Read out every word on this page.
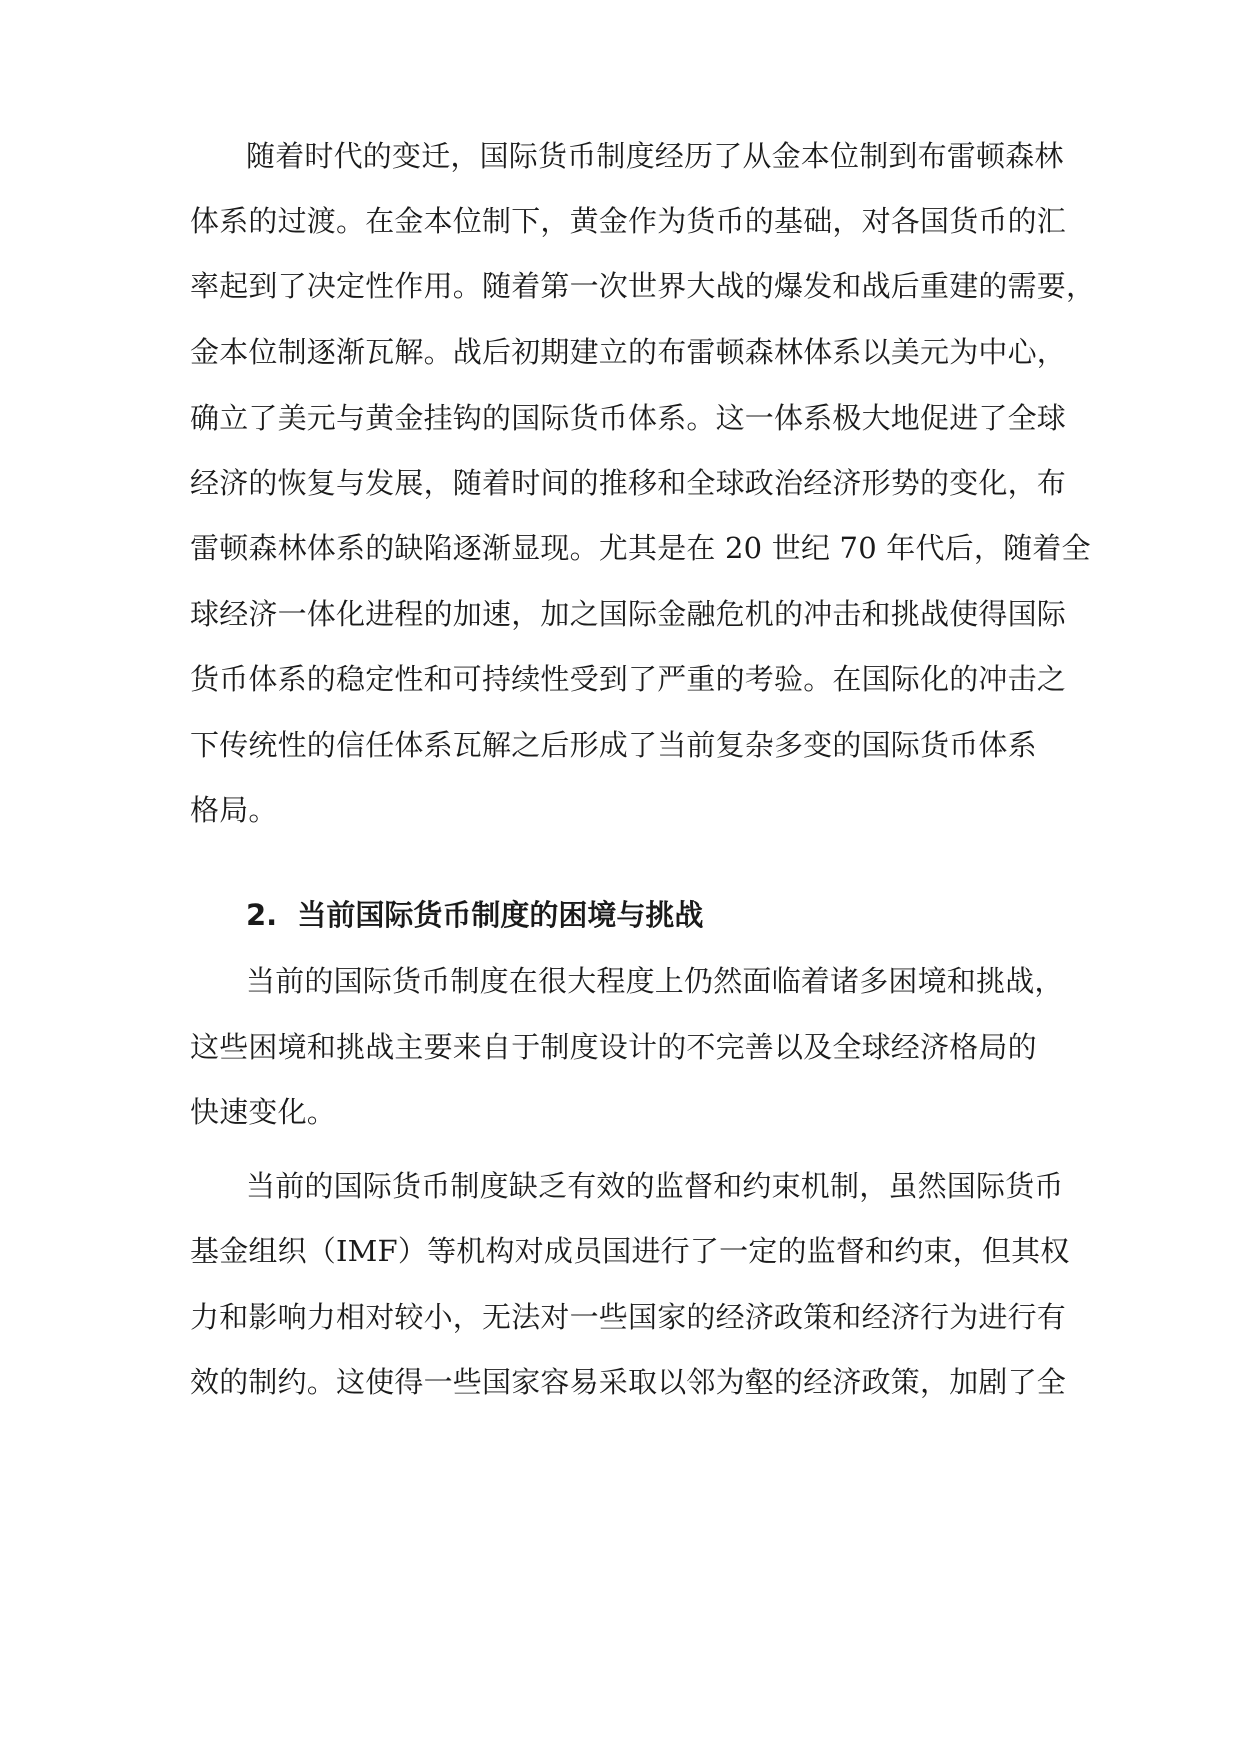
随着时代的变迁，国际货币制度经历了从金本位制到布雷顿森林
体系的过渡。在金本位制下，黄金作为货币的基础，对各国货币的汇
率起到了决定性作用。随着第一次世界大战的爆发和战后重建的需要，
金本位制逐渐瓦解。战后初期建立的布雷顿森林体系以美元为中心，
确立了美元与黄金挂钩的国际货币体系。这一体系极大地促进了全球
经济的恢复与发展，随着时间的推移和全球政治经济形势的变化，布
雷顿森林体系的缺陷逐渐显现。尤其是在 20 世纪 70 年代后，随着全
球经济一体化进程的加速，加之国际金融危机的冲击和挑战使得国际
货币体系的稳定性和可持续性受到了严重的考验。在国际化的冲击之
下传统性的信任体系瓦解之后形成了当前复杂多变的国际货币体系
格局。
2. 当前国际货币制度的困境与挑战
当前的国际货币制度在很大程度上仍然面临着诸多困境和挑战，
这些困境和挑战主要来自于制度设计的不完善以及全球经济格局的
快速变化。
当前的国际货币制度缺乏有效的监督和约束机制，虽然国际货币
基金组织（IMF）等机构对成员国进行了一定的监督和约束，但其权
力和影响力相对较小，无法对一些国家的经济政策和经济行为进行有
效的制约。这使得一些国家容易采取以邻为壑的经济政策，加剧了全
